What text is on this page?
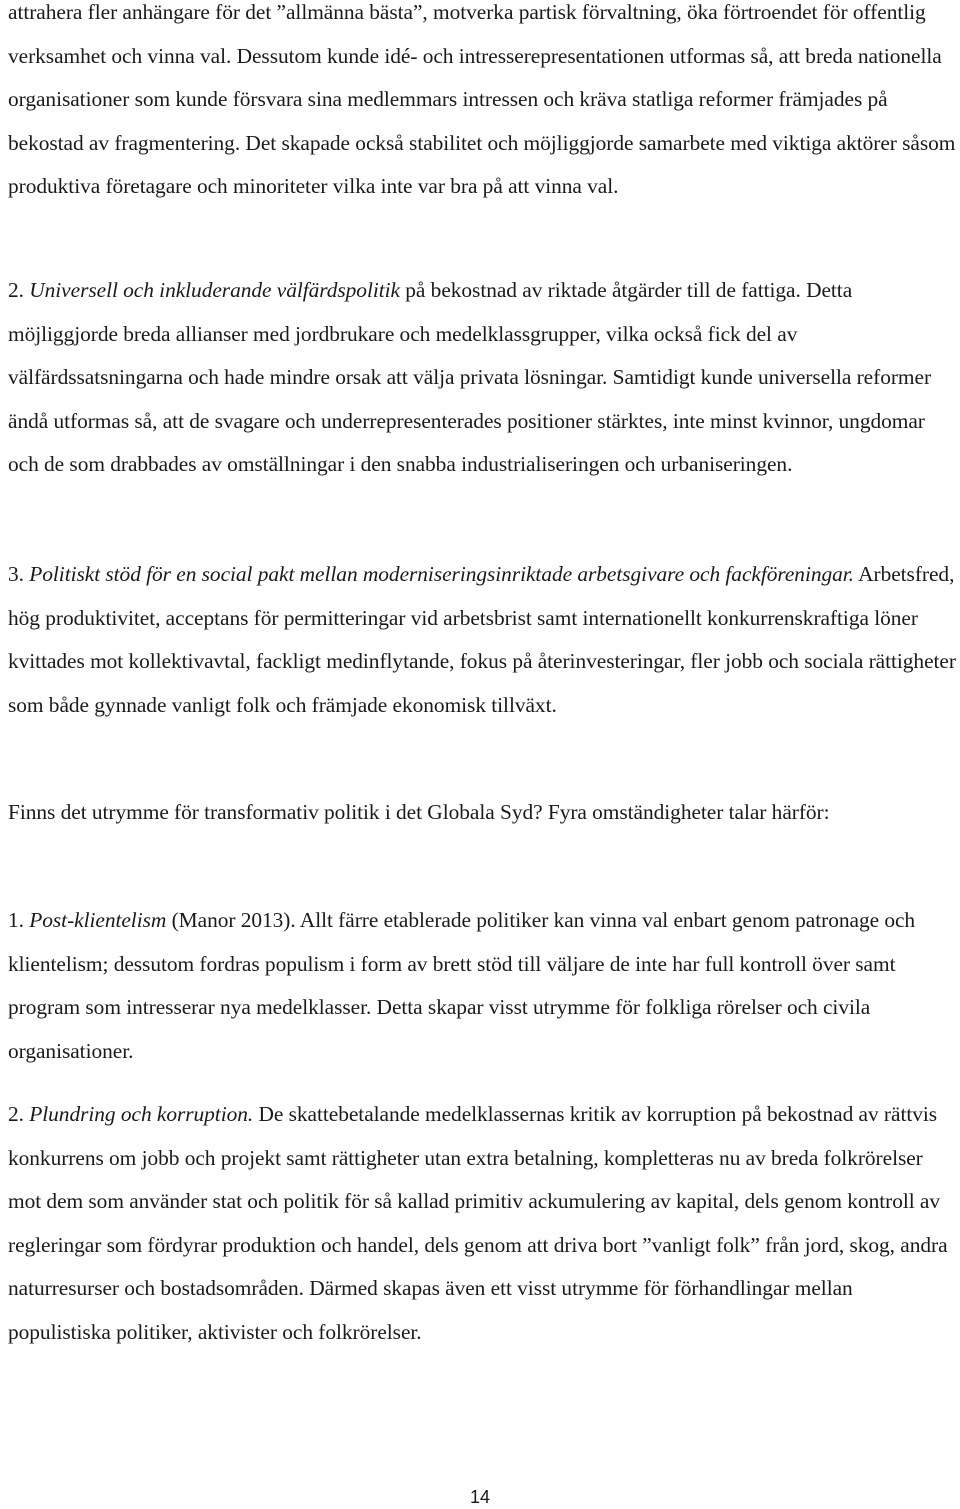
attrahera fler anhängare för det ”allmänna bästa”, motverka partisk förvaltning, öka förtroendet för offentlig verksamhet och vinna val. Dessutom kunde idé- och intresserepresentationen utformas så, att breda nationella organisationer som kunde försvara sina medlemmars intressen och kräva statliga reformer främjades på bekostad av fragmentering. Det skapade också stabilitet och möjliggjorde samarbete med viktiga aktörer såsom produktiva företagare och minoriteter vilka inte var bra på att vinna val.

2. Universell och inkluderande välfärdspolitik på bekostnad av riktade åtgärder till de fattiga. Detta möjliggjorde breda allianser med jordbrukare och medelklassgrupper, vilka också fick del av välfärdssatsningarna och hade mindre orsak att välja privata lösningar. Samtidigt kunde universella reformer ändå utformas så, att de svagare och underrepresenterades positioner stärktes, inte minst kvinnor, ungdomar och de som drabbades av omställningar i den snabba industrialiseringen och urbaniseringen.

3. Politiskt stöd för en social pakt mellan moderniseringsinriktade arbetsgivare och fackföreningar. Arbetsfred, hög produktivitet, acceptans för permitteringar vid arbetsbrist samt internationellt konkurrenskraftiga löner kvittades mot kollektivavtal, fackligt medinflytande, fokus på återinvesteringar, fler jobb och sociala rättigheter som både gynnade vanligt folk och främjade ekonomisk tillväxt.

Finns det utrymme för transformativ politik i det Globala Syd? Fyra omständigheter talar härför:

1. Post-klientelism (Manor 2013). Allt färre etablerade politiker kan vinna val enbart genom patronage och klientelism; dessutom fordras populism i form av brett stöd till väljare de inte har full kontroll över samt program som intresserar nya medelklasser. Detta skapar visst utrymme för folkliga rörelser och civila organisationer.

2. Plundring och korruption. De skattebetalande medelklassernas kritik av korruption på bekostnad av rättvis konkurrens om jobb och projekt samt rättigheter utan extra betalning, kompletteras nu av breda folkrörelser mot dem som använder stat och politik för så kallad primitiv ackumulering av kapital, dels genom kontroll av regleringar som fördyrar produktion och handel, dels genom att driva bort ”vanligt folk” från jord, skog, andra naturresurser och bostadsområden. Därmed skapas även ett visst utrymme för förhandlingar mellan populistiska politiker, aktivister och folkrörelser.

14
